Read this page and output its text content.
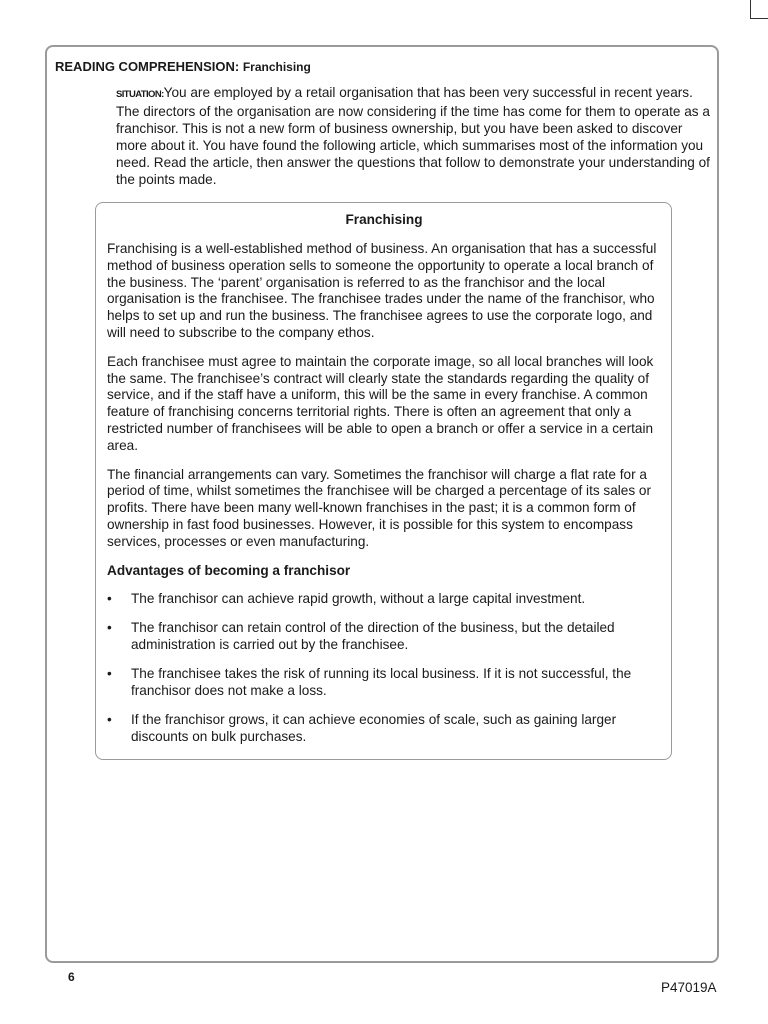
READING COMPREHENSION: Franchising

SITUATION:You are employed by a retail organisation that has been very successful in recent years. The directors of the organisation are now considering if the time has come for them to operate as a franchisor. This is not a new form of business ownership, but you have been asked to discover more about it. You have found the following article, which summarises most of the information you need. Read the article, then answer the questions that follow to demonstrate your understanding of the points made.

Franchising

Franchising is a well-established method of business. An organisation that has a successful method of business operation sells to someone the opportunity to operate a local branch of the business. The ‘parent’ organisation is referred to as the franchisor and the local organisation is the franchisee. The franchisee trades under the name of the franchisor, who helps to set up and run the business. The franchisee agrees to use the corporate logo, and will need to subscribe to the company ethos.

Each franchisee must agree to maintain the corporate image, so all local branches will look the same. The franchisee’s contract will clearly state the standards regarding the quality of service, and if the staff have a uniform, this will be the same in every franchise. A common feature of franchising concerns territorial rights. There is often an agreement that only a restricted number of franchisees will be able to open a branch or offer a service in a certain area.

The financial arrangements can vary. Sometimes the franchisor will charge a flat rate for a period of time, whilst sometimes the franchisee will be charged a percentage of its sales or profits. There have been many well-known franchises in the past; it is a common form of ownership in fast food businesses. However, it is possible for this system to encompass services, processes or even manufacturing.

Advantages of becoming a franchisor
• The franchisor can achieve rapid growth, without a large capital investment.
• The franchisor can retain control of the direction of the business, but the detailed administration is carried out by the franchisee.
• The franchisee takes the risk of running its local business. If it is not successful, the franchisor does not make a loss.
• If the franchisor grows, it can achieve economies of scale, such as gaining larger discounts on bulk purchases.
6
P47019A
